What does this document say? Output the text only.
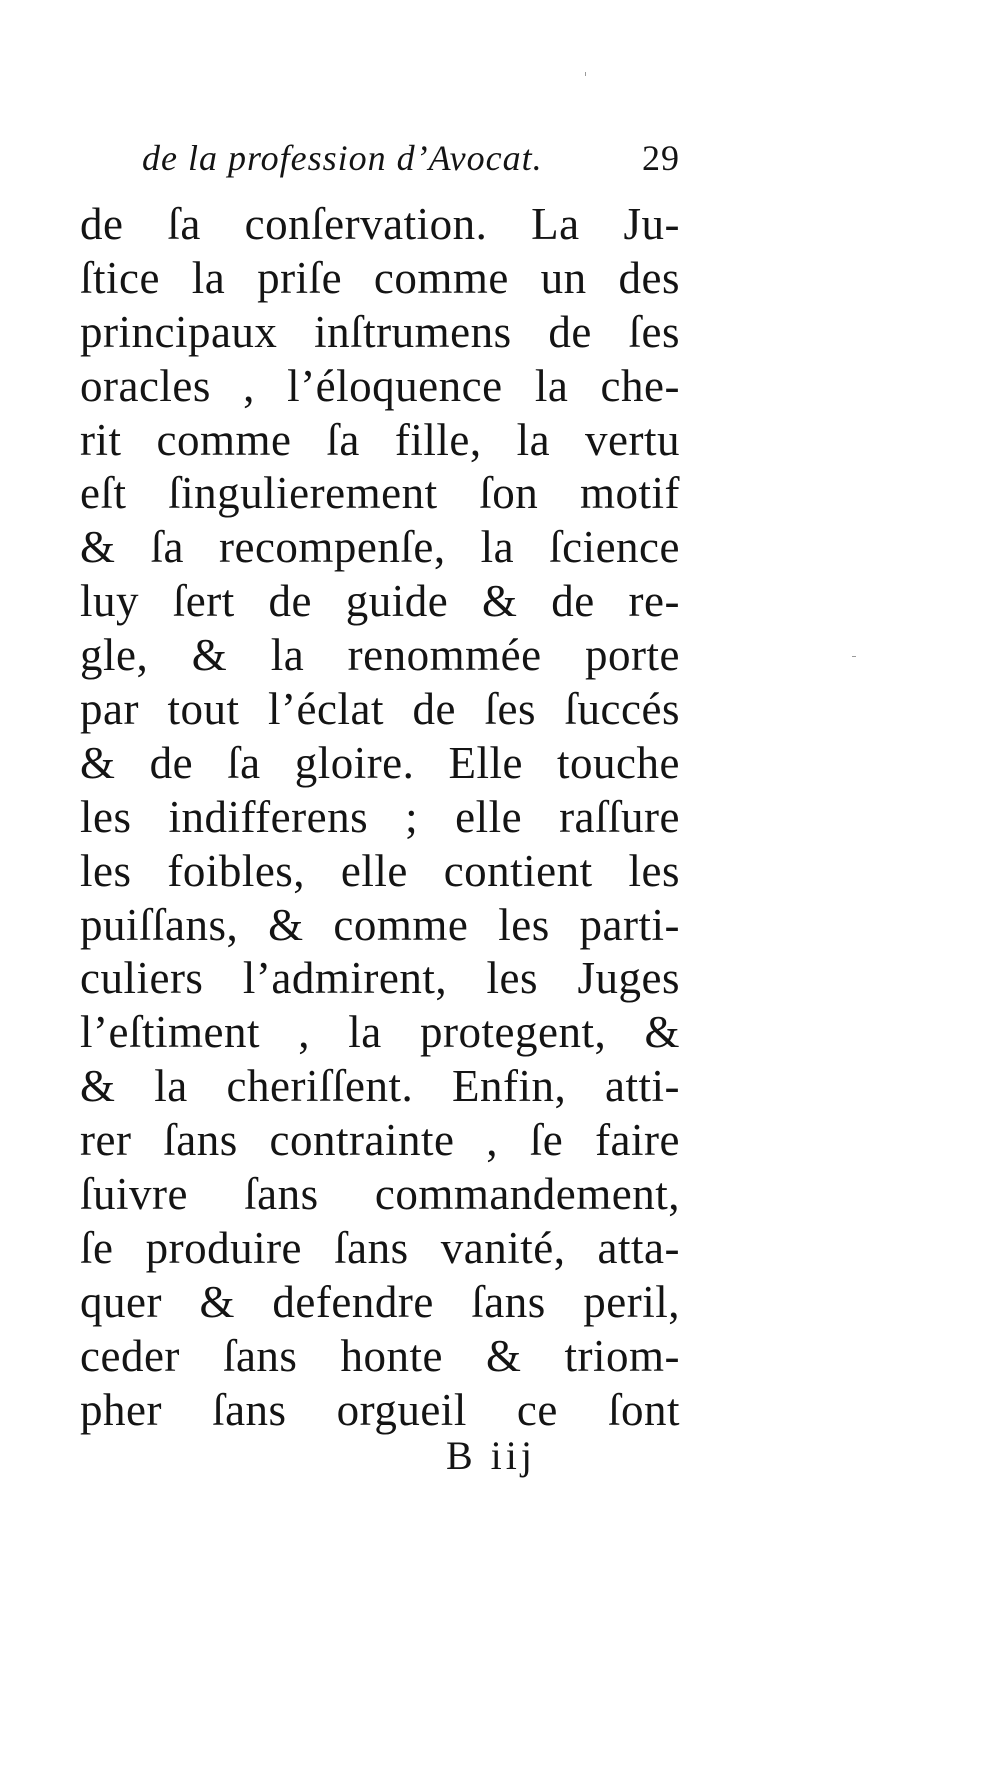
de la profession d’Avocat.	29
de ſa conſervation. La Ju-
ſtice la priſe comme un des
principaux inſtrumens de ſes
oracles , l’éloquence la che-
rit comme ſa fille, la vertu
eſt ſingulierement ſon motif
& ſa recompenſe, la ſcience
luy ſert de guide & de re-
gle, & la renommée porte
par tout l’éclat de ſes ſuccés
& de ſa gloire. Elle touche
les indifferens ; elle raſſure
les foibles, elle contient les
puiſſans, & comme les parti-
culiers l’admirent, les Juges
l’eſtiment , la protegent, &
& la cheriſſent. Enfin, atti-
rer ſans contrainte , ſe faire
ſuivre ſans commandement,
ſe produire ſans vanité, atta-
quer & defendre ſans peril,
ceder ſans honte & triom-
pher ſans orgueil ce ſont
B iij
